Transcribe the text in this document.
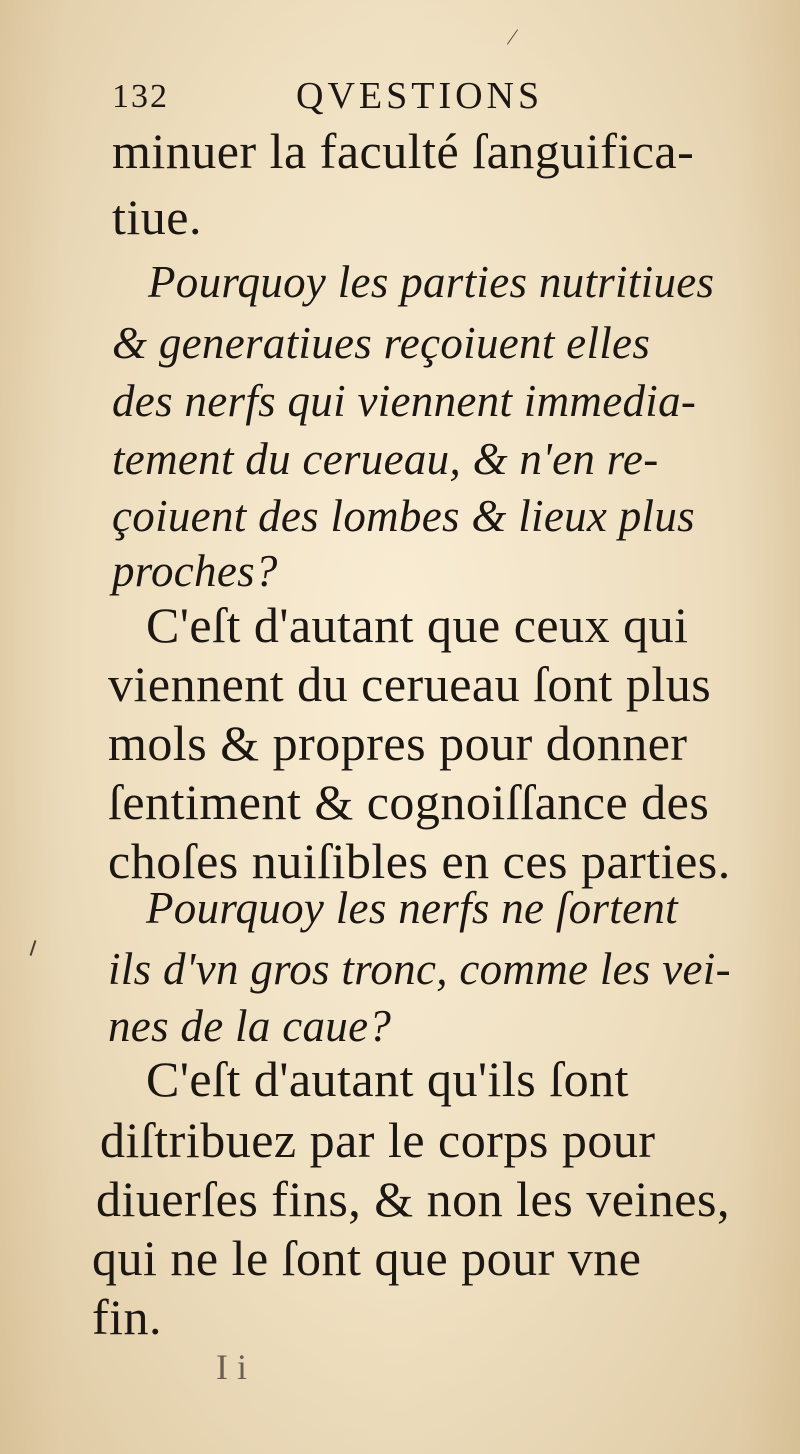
132	QVESTIONS
minuer la faculté ſanguifica-
tiue.
Pourquoy les parties nutritiues
& generatiues reçoiuent elles
des nerfs qui viennent immedia-
tement du cerueau, & n'en re-
çoiuent des lombes & lieux plus
proches?
C'eſt d'autant que ceux qui
viennent du cerueau ſont plus
mols & propres pour donner
ſentiment & cognoiſſance des
choſes nuiſibles en ces parties.
Pourquoy les nerfs ne ſortent
ils d'vn gros tronc, comme les vei-
nes de la caue?
C'eſt d'autant qu'ils ſont
diſtribuez par le corps pour
diuerſes fins, & non les veines,
qui ne le ſont que pour vne
fin.
I i
